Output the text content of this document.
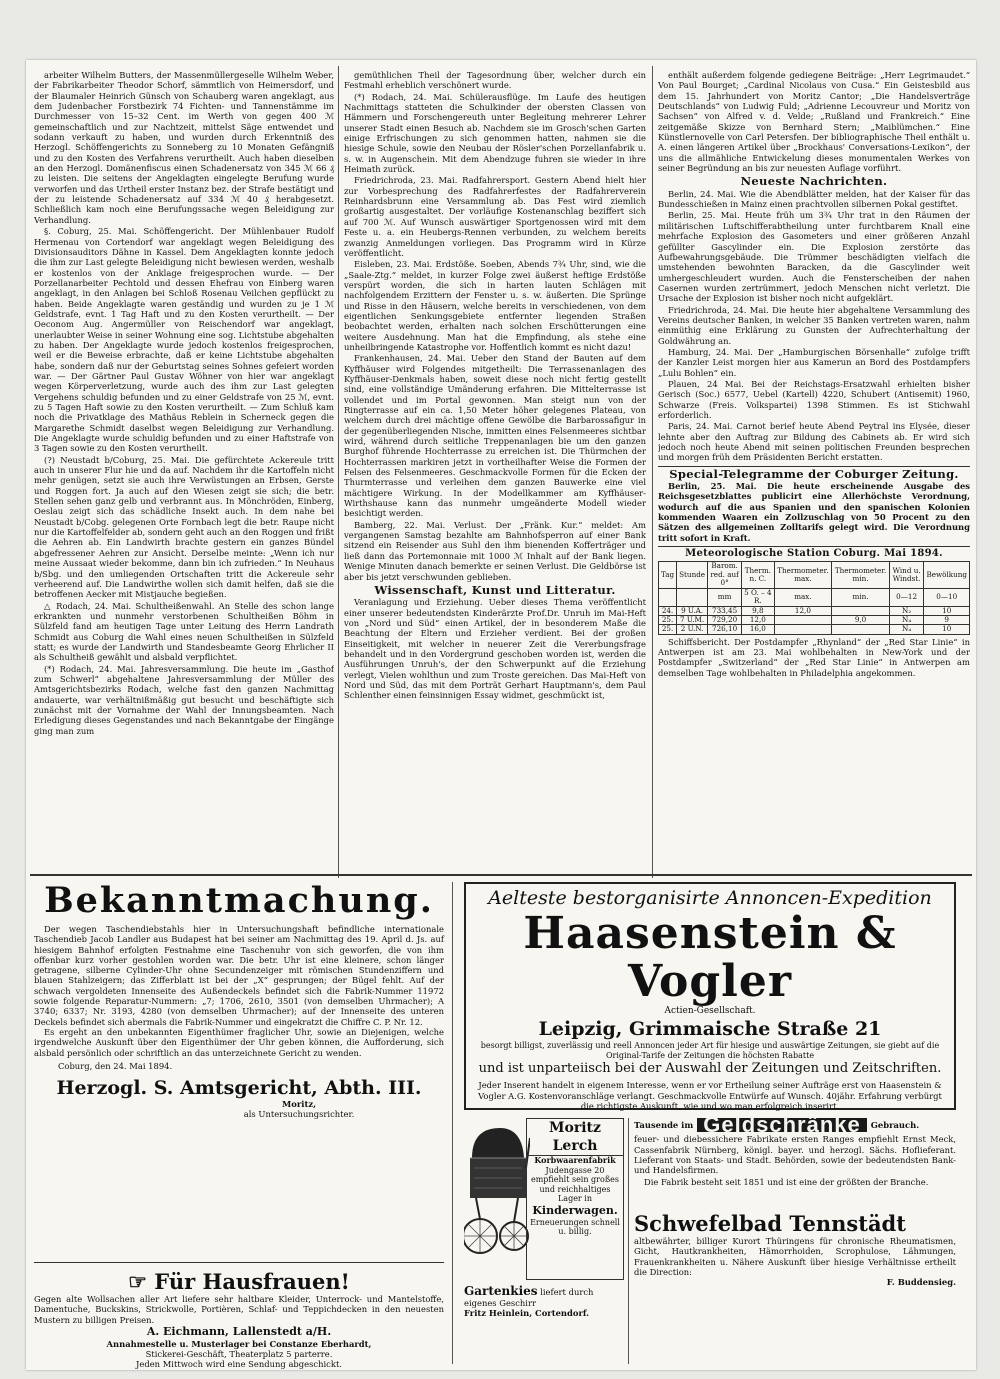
arbeiter Wilhelm Butters, der Massenmüllergeselle Wilhelm Weber, der Fabrikarbeiter Theodor Schorf, sämmtlich von Heimersdorf, und der Blaumaler Heinrich Günsch von Schauberg waren angeklagt, aus dem Judenbacher Forstbezirk 74 Fichten- und Tannenstämme im Durchmesser von 15–32 Cent. im Werth von gegen 400 ℳ gemeinschaftlich und zur Nachtzeit, mittelst Säge entwendet und sodann verkauft zu haben, und wurden durch Erkenntniß des Herzogl. Schöffengerichts zu Sonneberg zu 10 Monaten Gefängniß und zu den Kosten des Verfahrens verurtheilt. Auch haben dieselben an den Herzogl. Domänenfiscus einen Schadenersatz von 345 ℳ 66 ₰ zu leisten. Die seitens der Angeklagten eingelegte Berufung wurde verworfen und das Urtheil erster Instanz bez. der Strafe bestätigt und der zu leistende Schadenersatz auf 334 ℳ 40 ₰ herabgesetzt. Schließlich kam noch eine Berufungssache wegen Beleidigung zur Verhandlung.

§. Coburg, 25. Mai. Schöffengericht. Der Mühlenbauer Rudolf Hermenau von Cortendorf war angeklagt wegen Beleidigung des Divisionsauditors Dähne in Kassel. Dem Angeklagten konnte jedoch die ihm zur Last gelegte Beleidigung nicht bewiesen werden, weshalb er kostenlos von der Anklage freigesprochen wurde. — Der Porzellanarbeiter Pechtold und dessen Ehefrau von Einberg waren angeklagt, in den Anlagen bei Schloß Rosenau Veilchen gepflückt zu haben. Beide Angeklagte waren geständig und wurden zu je 1 ℳ Geldstrafe, evnt. 1 Tag Haft und zu den Kosten verurtheilt. — Der Oeconom Aug. Angermüller von Reischendorf war angeklagt, unerlaubter Weise in seiner Wohnung eine sog. Lichtstube abgehalten zu haben. Der Angeklagte wurde jedoch kostenlos freigesprochen, weil er die Beweise erbrachte, daß er keine Lichtstube abgehalten habe, sondern daß nur der Geburtstag seines Sohnes gefeiert worden war. — Der Gärtner Paul Gustav Wöhner von hier war angeklagt wegen Körperverletzung, wurde auch des ihm zur Last gelegten Vergehens schuldig befunden und zu einer Geldstrafe von 25 ℳ, evnt. zu 5 Tagen Haft sowie zu den Kosten verurtheilt. — Zum Schluß kam noch die Privatklage des Mathäus Reblein in Scherneck gegen die Margarethe Schmidt daselbst wegen Beleidigung zur Verhandlung. Die Angeklagte wurde schuldig befunden und zu einer Haftstrafe von 3 Tagen sowie zu den Kosten verurtheilt.

(?) Neustadt b/Coburg, 25. Mai. Die gefürchtete Ackereule tritt auch in unserer Flur hie und da auf. Nachdem ihr die Kartoffeln nicht mehr genügen, setzt sie auch ihre Verwüstungen an Erbsen, Gerste und Roggen fort. Ja auch auf den Wiesen zeigt sie sich; die betr. Stellen sehen ganz gelb und verbrannt aus. In Mönchröden, Einberg, Oeslau zeigt sich das schädliche Insekt auch. In dem nahe bei Neustadt b/Cobg. gelegenen Orte Fornbach legt die betr. Raupe nicht nur die Kartoffelfelder ab, sondern geht auch an den Roggen und frißt die Aehren ab. Ein Landwirth brachte gestern ein ganzes Bündel abgefressener Aehren zur Ansicht. Derselbe meinte: „Wenn ich nur meine Aussaat wieder bekomme, dann bin ich zufrieden.“ In Neuhaus b/Sbg. und den umliegenden Ortschaften tritt die Ackereule sehr verheerend auf. Die Landwirthe wollen sich damit helfen, daß sie die betroffenen Aecker mit Mistjauche begießen.

△ Rodach, 24. Mai. Schultheißenwahl. An Stelle des schon lange erkrankten und nunmehr verstorbenen Schultheißen Böhm in Sülzfeld fand am heutigen Tage unter Leitung des Herrn Landrath Schmidt aus Coburg die Wahl eines neuen Schultheißen in Sülzfeld statt; es wurde der Landwirth und Standesbeamte Georg Ehrlicher II als Schultheiß gewählt und alsbald verpflichtet.

(*) Rodach, 24. Mai. Jahresversammlung. Die heute im „Gasthof zum Schwerl“ abgehaltene Jahresversammlung der Müller des Amtsgerichtsbezirks Rodach, welche fast den ganzen Nachmittag andauerte, war verhältnißmäßig gut besucht und beschäftigte sich zunächst mit der Vornahme der Wahl der Innungsbeamten. Nach Erledigung dieses Gegenstandes und nach Bekanntgabe der Eingänge ging man zum

gemüthlichen Theil der Tagesordnung über, welcher durch ein Festmahl erheblich verschönert wurde.

(*) Rodach, 24. Mai. Schülerausflüge. Im Laufe des heutigen Nachmittags statteten die Schulkinder der obersten Classen von Hämmern und Forschengereuth unter Begleitung mehrerer Lehrer unserer Stadt einen Besuch ab. Nachdem sie im Grosch'schen Garten einige Erfrischungen zu sich genommen hatten, nahmen sie die hiesige Schule, sowie den Neubau der Rösler'schen Porzellanfabrik u. s. w. in Augenschein. Mit dem Abendzuge fuhren sie wieder in ihre Heimath zurück.

Friedrichroda, 23. Mai. Radfahrersport. Gestern Abend hielt hier zur Vorbesprechung des Radfahrerfestes der Radfahrerverein Reinhardsbrunn eine Versammlung ab. Das Fest wird ziemlich großartig ausgestaltet. Der vorläufige Kostenanschlag beziffert sich auf 700 ℳ. Auf Wunsch auswärtiger Sportgenossen wird mit dem Feste u. a. ein Heubergs-Rennen verbunden, zu welchem bereits zwanzig Anmeldungen vorliegen. Das Programm wird in Kürze veröffentlicht.

Eisleben, 23. Mai. Erdstöße. Soeben, Abends 7¾ Uhr, sind, wie die „Saale-Ztg.“ meldet, in kurzer Folge zwei äußerst heftige Erdstöße verspürt worden, die sich in harten lauten Schlägen mit nachfolgendem Erzittern der Fenster u. s. w. äußerten. Die Sprünge und Risse in den Häusern, welche bereits in verschiedenen, von dem eigentlichen Senkungsgebiete entfernter liegenden Straßen beobachtet werden, erhalten nach solchen Erschütterungen eine weitere Ausdehnung. Man hat die Empfindung, als stehe eine unheilbringende Katastrophe vor. Hoffentlich kommt es nicht dazu!

Frankenhausen, 24. Mai. Ueber den Stand der Bauten auf dem Kyffhäuser wird Folgendes mitgetheilt: Die Terrassenanlagen des Kyffhäuser-Denkmals haben, soweit diese noch nicht fertig gestellt sind, eine vollständige Umänderung erfahren. Die Mittelterrasse ist vollendet und im Portal gewonnen. Man steigt nun von der Ringterrasse auf ein ca. 1,50 Meter höher gelegenes Plateau, von welchem durch drei mächtige offene Gewölbe die Barbarossafigur in der gegenüberliegenden Nische, inmitten eines Felsenmeeres sichtbar wird, während durch seitliche Treppenanlagen bie um den ganzen Burghof führende Hochterrasse zu erreichen ist. Die Thürmchen der Hochterrassen markiren jetzt in vortheilhafter Weise die Formen der Felsen des Felsenmeeres. Geschmackvolle Formen für die Ecken der Thurmterrasse und verleihen dem ganzen Bauwerke eine viel mächtigere Wirkung. In der Modellkammer am Kyffhäuser-Wirthshause kann das nunmehr umgeänderte Modell wieder besichtigt werden.

Bamberg, 22. Mai. Verlust. Der „Fränk. Kur.“ meldet: Am vergangenen Samstag bezahlte am Bahnhofsperron auf einer Bank sitzend ein Reisender aus Suhl den ihm bienenden Kofferträger und ließ dann das Portemonnaie mit 1000 ℳ Inhalt auf der Bank liegen. Wenige Minuten danach bemerkte er seinen Verlust. Die Geldbörse ist aber bis jetzt verschwunden geblieben.

Wissenschaft, Kunst und Litteratur.

Veranlagung und Erziehung. Ueber dieses Thema veröffentlicht einer unserer bedeutendsten Kinderärzte Prof.Dr. Unruh im Mai-Heft von „Nord und Süd“ einen Artikel, der in besonderem Maße die Beachtung der Eltern und Erzieher verdient. Bei der großen Einseitigkeit, mit welcher in neuerer Zeit die Vererbungsfrage behandelt und in den Vordergrund geschoben worden ist, werden die Ausführungen Unruh's, der den Schwerpunkt auf die Erziehung verlegt, Vielen wohlthun und zum Troste gereichen. Das Mai-Heft von Nord und Süd, das mit dem Porträt Gerhart Hauptmann's, dem Paul Schlenther einen feinsinnigen Essay widmet, geschmückt ist,

enthält außerdem folgende gediegene Beiträge: „Herr Legrimaudet.“ Von Paul Bourget; „Cardinal Nicolaus von Cusa.“ Ein Geistesbild aus dem 15. Jahrhundert von Moritz Cantor; „Die Handelsverträge Deutschlands“ von Ludwig Fuld; „Adrienne Lecouvreur und Moritz von Sachsen“ von Alfred v. d. Velde; „Rußland und Frankreich.“ Eine zeitgemäße Skizze von Bernhard Stern; „Maiblümchen.“ Eine Künstlernovelle von Carl Petersfen. Der bibliographische Theil enthält u. A. einen längeren Artikel über „Brockhaus' Conversations-Lexikon“, der uns die allmähliche Entwickelung dieses monumentalen Werkes von seiner Begründung an bis zur neuesten Auflage vorführt.

Neueste Nachrichten.

Berlin, 24. Mai. Wie die Abendblätter melden, hat der Kaiser für das Bundesschießen in Mainz einen prachtvollen silbernen Pokal gestiftet.

Berlin, 25. Mai. Heute früh um 3¾ Uhr trat in den Räumen der militärischen Luftschifferabtheilung unter furchtbarem Knall eine mehrfache Explosion des Gasometers und einer größeren Anzahl gefüllter Gascylinder ein. Die Explosion zerstörte das Aufbewahrungsgebäude. Die Trümmer beschädigten vielfach die umstehenden bewohnten Baracken, da die Gascylinder weit umhergeschleudert wurden. Auch die Fensterscheiben der nahen Casernen wurden zertrümmert, jedoch Menschen nicht verletzt. Die Ursache der Explosion ist bisher noch nicht aufgeklärt.

Friedrichroda, 24. Mai. Die heute hier abgehaltene Versammlung des Vereins deutscher Banken, in welcher 35 Banken vertreten waren, nahm einmüthig eine Erklärung zu Gunsten der Aufrechterhaltung der Goldwährung an.

Hamburg, 24. Mai. Der „Hamburgischen Börsenhalle“ zufolge trifft der Kanzler Leist morgen hier aus Kamerun an Bord des Postdampfers „Lulu Bohlen“ ein.

Plauen, 24 Mai. Bei der Reichstags-Ersatzwahl erhielten bisher Gerisch (Soc.) 6577, Uebel (Kartell) 4220, Schubert (Antisemit) 1960, Schwarze (Freis. Volkspartei) 1398 Stimmen. Es ist Stichwahl erforderlich.

Paris, 24. Mai. Carnot berief heute Abend Peytral ins Elysée, dieser lehnte aber den Auftrag zur Bildung des Cabinets ab. Er wird sich jedoch noch heute Abend mit seinen politischen Freunden besprechen und morgen früh dem Präsidenten Bericht erstatten.

Special-Telegramme der Coburger Zeitung.

Berlin, 25. Mai. Die heute erscheinende Ausgabe des Reichsgesetzblattes publicirt eine Allerhöchste Verordnung, wodurch auf die aus Spanien und den spanischen Kolonien kommenden Waaren ein Zollzuschlag von 50 Procent zu den Sätzen des allgemeinen Zolltarifs gelegt wird. Die Verordnung tritt sofort in Kraft.

Meteorologische Station Coburg. Mai 1894.
Tag	Stunde	Barom. red. auf 0°	Therm. n. C.	Thermometer. max.	Thermometer. min.	Wind u. Windst.	Bewölkung
		mm	5 O. – 4 R.	max.	min.	0—12	0—10
24.	9 U.A.	733,45	9,8	12,0		N₂	10
25.	7 U.M.	729,20	12,0		9,0	N₄	9
25.	2 U.N.	726,10	16,0			N₄	10

Schiffsbericht. Der Postdampfer „Rhynland“ der „Red Star Linie“ in Antwerpen ist am 23. Mai wohlbehalten in New-York und der Postdampfer „Switzerland“ der „Red Star Linie“ in Antwerpen am demselben Tage wohlbehalten in Philadelphia angekommen.

Bekanntmachung.

Der wegen Taschendiebstahls hier in Untersuchungshaft befindliche internationale Taschendieb Jacob Landler aus Budapest hat bei seiner am Nachmittag des 19. April d. Js. auf hiesigem Bahnhof erfolgten Festnahme eine Taschenuhr von sich geworfen, die von ihm offenbar kurz vorher gestohlen worden war. Die betr. Uhr ist eine kleinere, schon länger getragene, silberne Cylinder-Uhr ohne Secundenzeiger mit römischen Stundenziffern und blauen Stahlzeigern; das Zifferblatt ist bei der „X“ gesprungen; der Bügel fehlt. Auf der schwach vergoldeten Innenseite des Außendeckels befindet sich die Fabrik-Nummer 11972 sowie folgende Reparatur-Nummern: „7; 1706, 2610, 3501 (von demselben Uhrmacher); A 3740; 6337; Nr. 3193, 4280 (von demselben Uhrmacher); auf der Innenseite des unteren Deckels befindet sich abermals die Fabrik-Nummer und eingekratzt die Chiffre C. P. Nr. 12.

Es ergeht an den unbekannten Eigenthümer fraglicher Uhr, sowie an Diejenigen, welche irgendwelche Auskunft über den Eigenthümer der Uhr geben können, die Aufforderung, sich alsbald persönlich oder schriftlich an das unterzeichnete Gericht zu wenden.

Coburg, den 24. Mai 1894.

Herzogl. S. Amtsgericht, Abth. III.

Moritz,

als Untersuchungsrichter.

☞ Für Hausfrauen!

Gegen alte Wollsachen aller Art liefere sehr haltbare Kleider, Unterrock- und Mantelstoffe, Damentuche, Buckskins, Strickwolle, Portièren, Schlaf- und Teppichdecken in den neuesten Mustern zu billigen Preisen.

A. Eichmann, Lallenstedt a/H.

Annahmestelle u. Musterlager bei Constanze Eberhardt,

Stickerei-Geschäft, Theaterplatz 5 parterre.

Jeden Mittwoch wird eine Sendung abgeschickt.

Aelteste bestorganisirte Annoncen-Expedition
Haasenstein & Vogler
Actien-Gesellschaft.
Leipzig, Grimmaische Straße 21
besorgt billigst, zuverlässig und reell Annoncen jeder Art für hiesige und auswärtige Zeitungen, sie giebt auf die Original-Tarife der Zeitungen die höchsten Rabatte
und ist unparteiisch bei der Auswahl der Zeitungen und Zeitschriften.
Jeder Inserent handelt in eigenem Interesse, wenn er vor Ertheilung seiner Aufträge erst von Haasenstein & Vogler A.G. Kostenvoranschläge verlangt. Geschmackvolle Entwürfe auf Wunsch. 40jähr. Erfahrung verbürgt die richtigste Auskunft, wie und wo man erfolgreich inserirt.
Moritz Lerch
Korbwaarenfabrik
Judengasse 20
empfiehlt sein großes und reichhaltiges Lager in
Kinderwagen.
Erneuerungen schnell u. billig.
Gartenkies liefert durch eigenes Geschirr
Fritz Heinlein, Cortendorf.
Tausende im Geldschränke	Gebrauch.

feuer- und diebessichere Fabrikate ersten Ranges empfiehlt Ernst Meck, Cassenfabrik Nürnberg, königl. bayer. und herzogl. Sächs. Hoflieferant. Lieferant von Staats- und Stadt. Behörden, sowie der bedeutendsten Bank- und Handelsfirmen.

Die Fabrik besteht seit 1851 und ist eine der größten der Branche.

Schwefelbad Tennstädt

altbewährter, billiger Kurort Thüringens für chronische Rheumatismen, Gicht, Hautkrankheiten, Hämorrhoiden, Scrophulose, Lähmungen, Frauenkrankheiten u. Nähere Auskunft über hiesige Verhältnisse ertheilt die Direction:

F. Buddensieg.
